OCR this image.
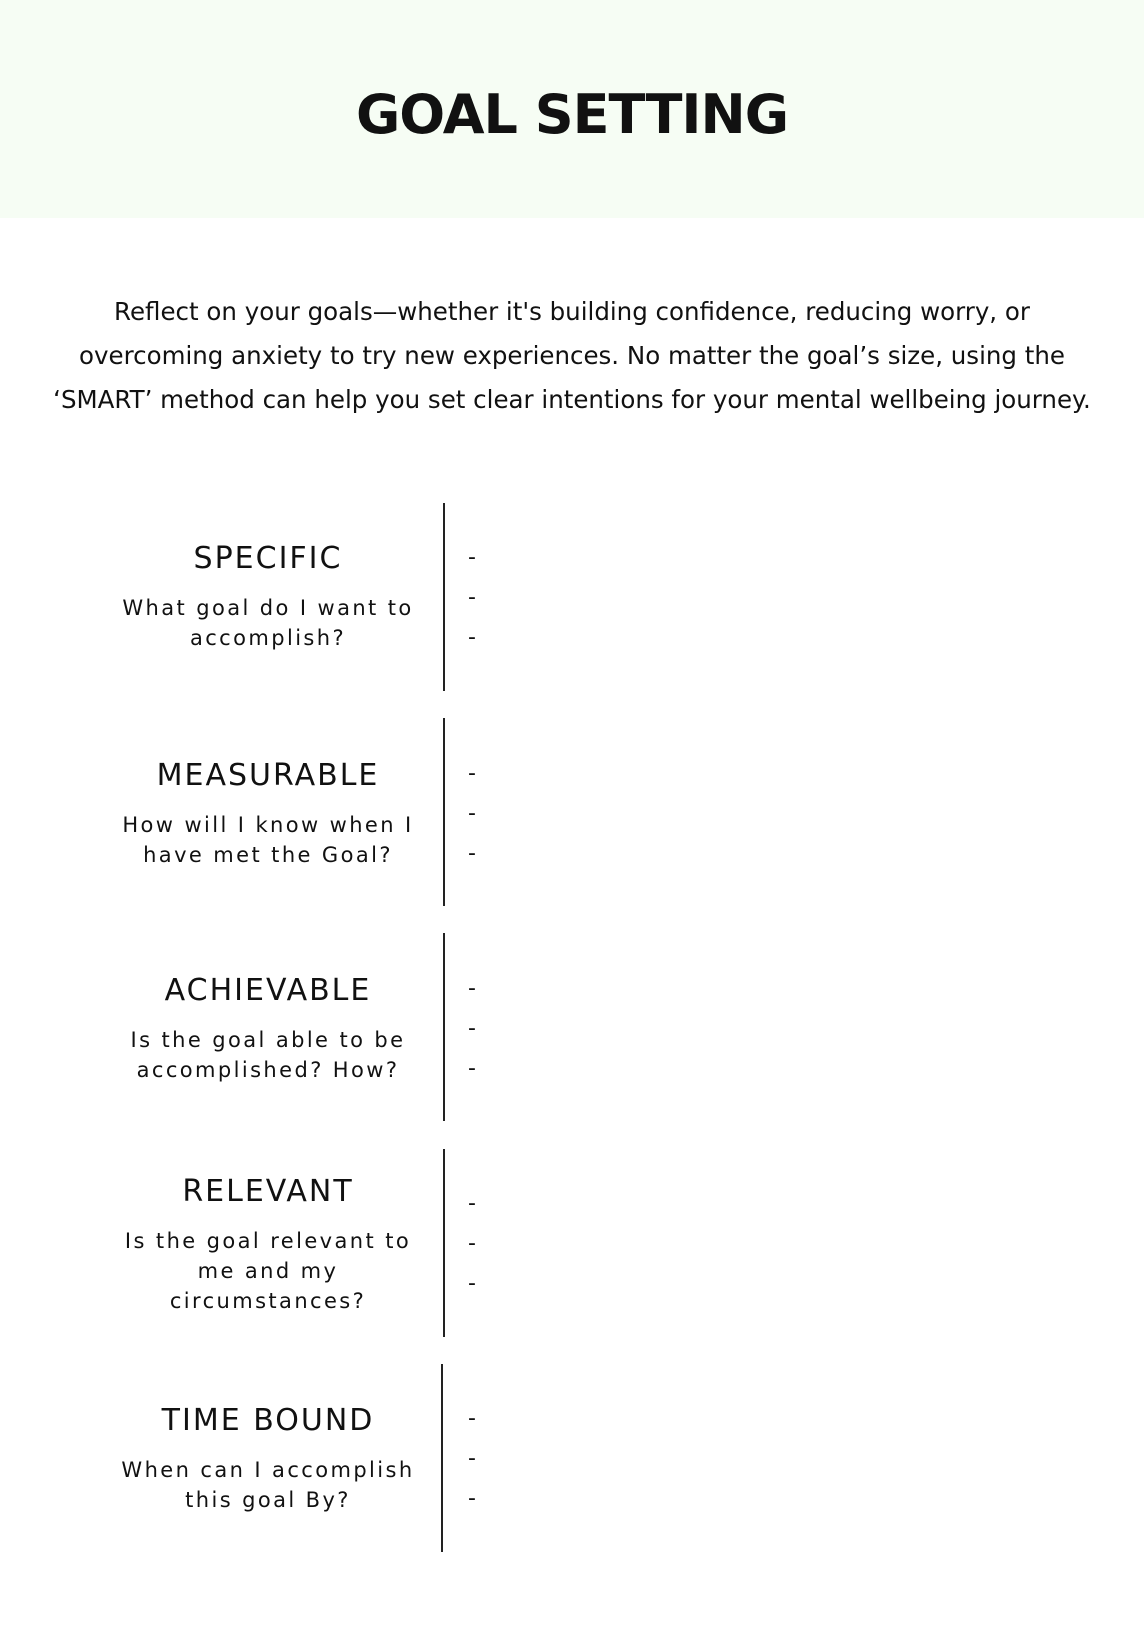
GOAL SETTING

Reflect on your goals—whether it's building confidence, reducing worry, or overcoming anxiety to try new experiences. No matter the goal’s size, using the ‘SMART’ method can help you set clear intentions for your mental wellbeing journey.

SPECIFIC

What goal do I want to accomplish?

-
-
-

MEASURABLE

How will I know when I have met the Goal?

-
-
-

ACHIEVABLE

Is the goal able to be accomplished? How?

-
-
-

RELEVANT

Is the goal relevant to me and my circumstances?

-
-
-

TIME BOUND

When can I accomplish this goal By?

-
-
-
